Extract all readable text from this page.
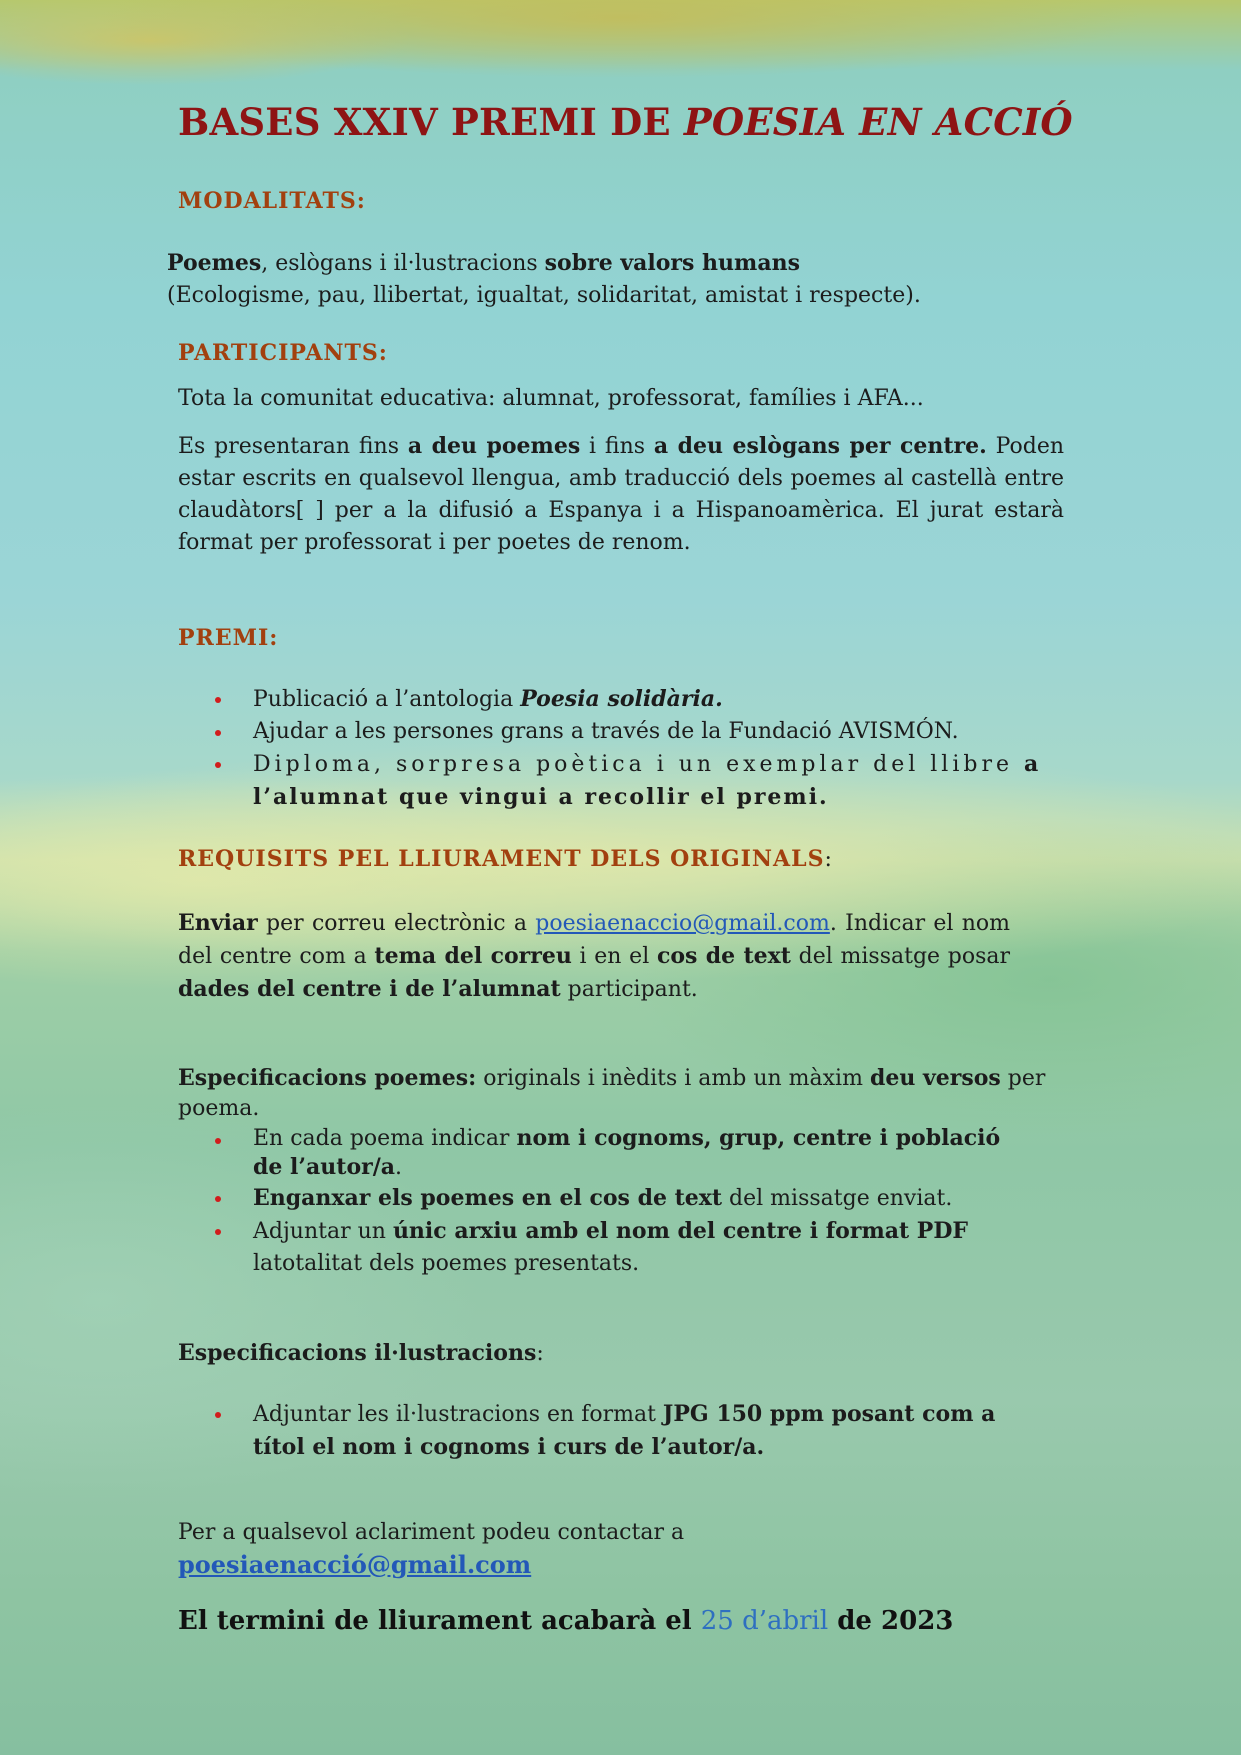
BASES XXIV PREMI DE POESIA EN ACCIÓ
MODALITATS:

Poemes, eslògans i il·lustracions sobre valors humans

(Ecologisme, pau, llibertat, igualtat, solidaritat, amistat i respecte).

PARTICIPANTS:

Tota la comunitat educativa: alumnat, professorat, famílies i AFA...

Es presentaran fins a deu poemes i fins a deu eslògans per centre. Poden estar escrits en qualsevol llengua, amb traducció dels poemes al castellà entre claudàtors[ ] per a la difusió a Espanya i a Hispanoamèrica. El jurat estarà format per professorat i per poetes de renom.

PREMI:
Publicació a l’antologia Poesia solidària.
Ajudar a les persones grans a través de la Fundació AVISMÓN.
Diploma, sorpresa poètica i un exemplar del llibre a l’alumnat que vingui a recollir el premi.
REQUISITS PEL LLIURAMENT DELS ORIGINALS:

Enviar per correu electrònic a poesiaenaccio@gmail.com. Indicar el nom del centre com a tema del correu i en el cos de text del missatge posar dades del centre i de l’alumnat participant.

Especificacions poemes: originals i inèdits i amb un màxim deu versos per poema.

En cada poema indicar nom i cognoms, grup, centre i població
de l’autor/a.
Enganxar els poemes en el cos de text del missatge enviat.
Adjuntar un únic arxiu amb el nom del centre i format PDF latotalitat dels poemes presentats.

Especificacions il·lustracions:

Adjuntar les il·lustracions en format JPG 150 ppm posant com a
títol el nom i cognoms i curs de l’autor/a.

Per a qualsevol aclariment podeu contactar a

poesiaenacció@gmail.com

El termini de lliurament acabarà el 25 d’abril de 2023
